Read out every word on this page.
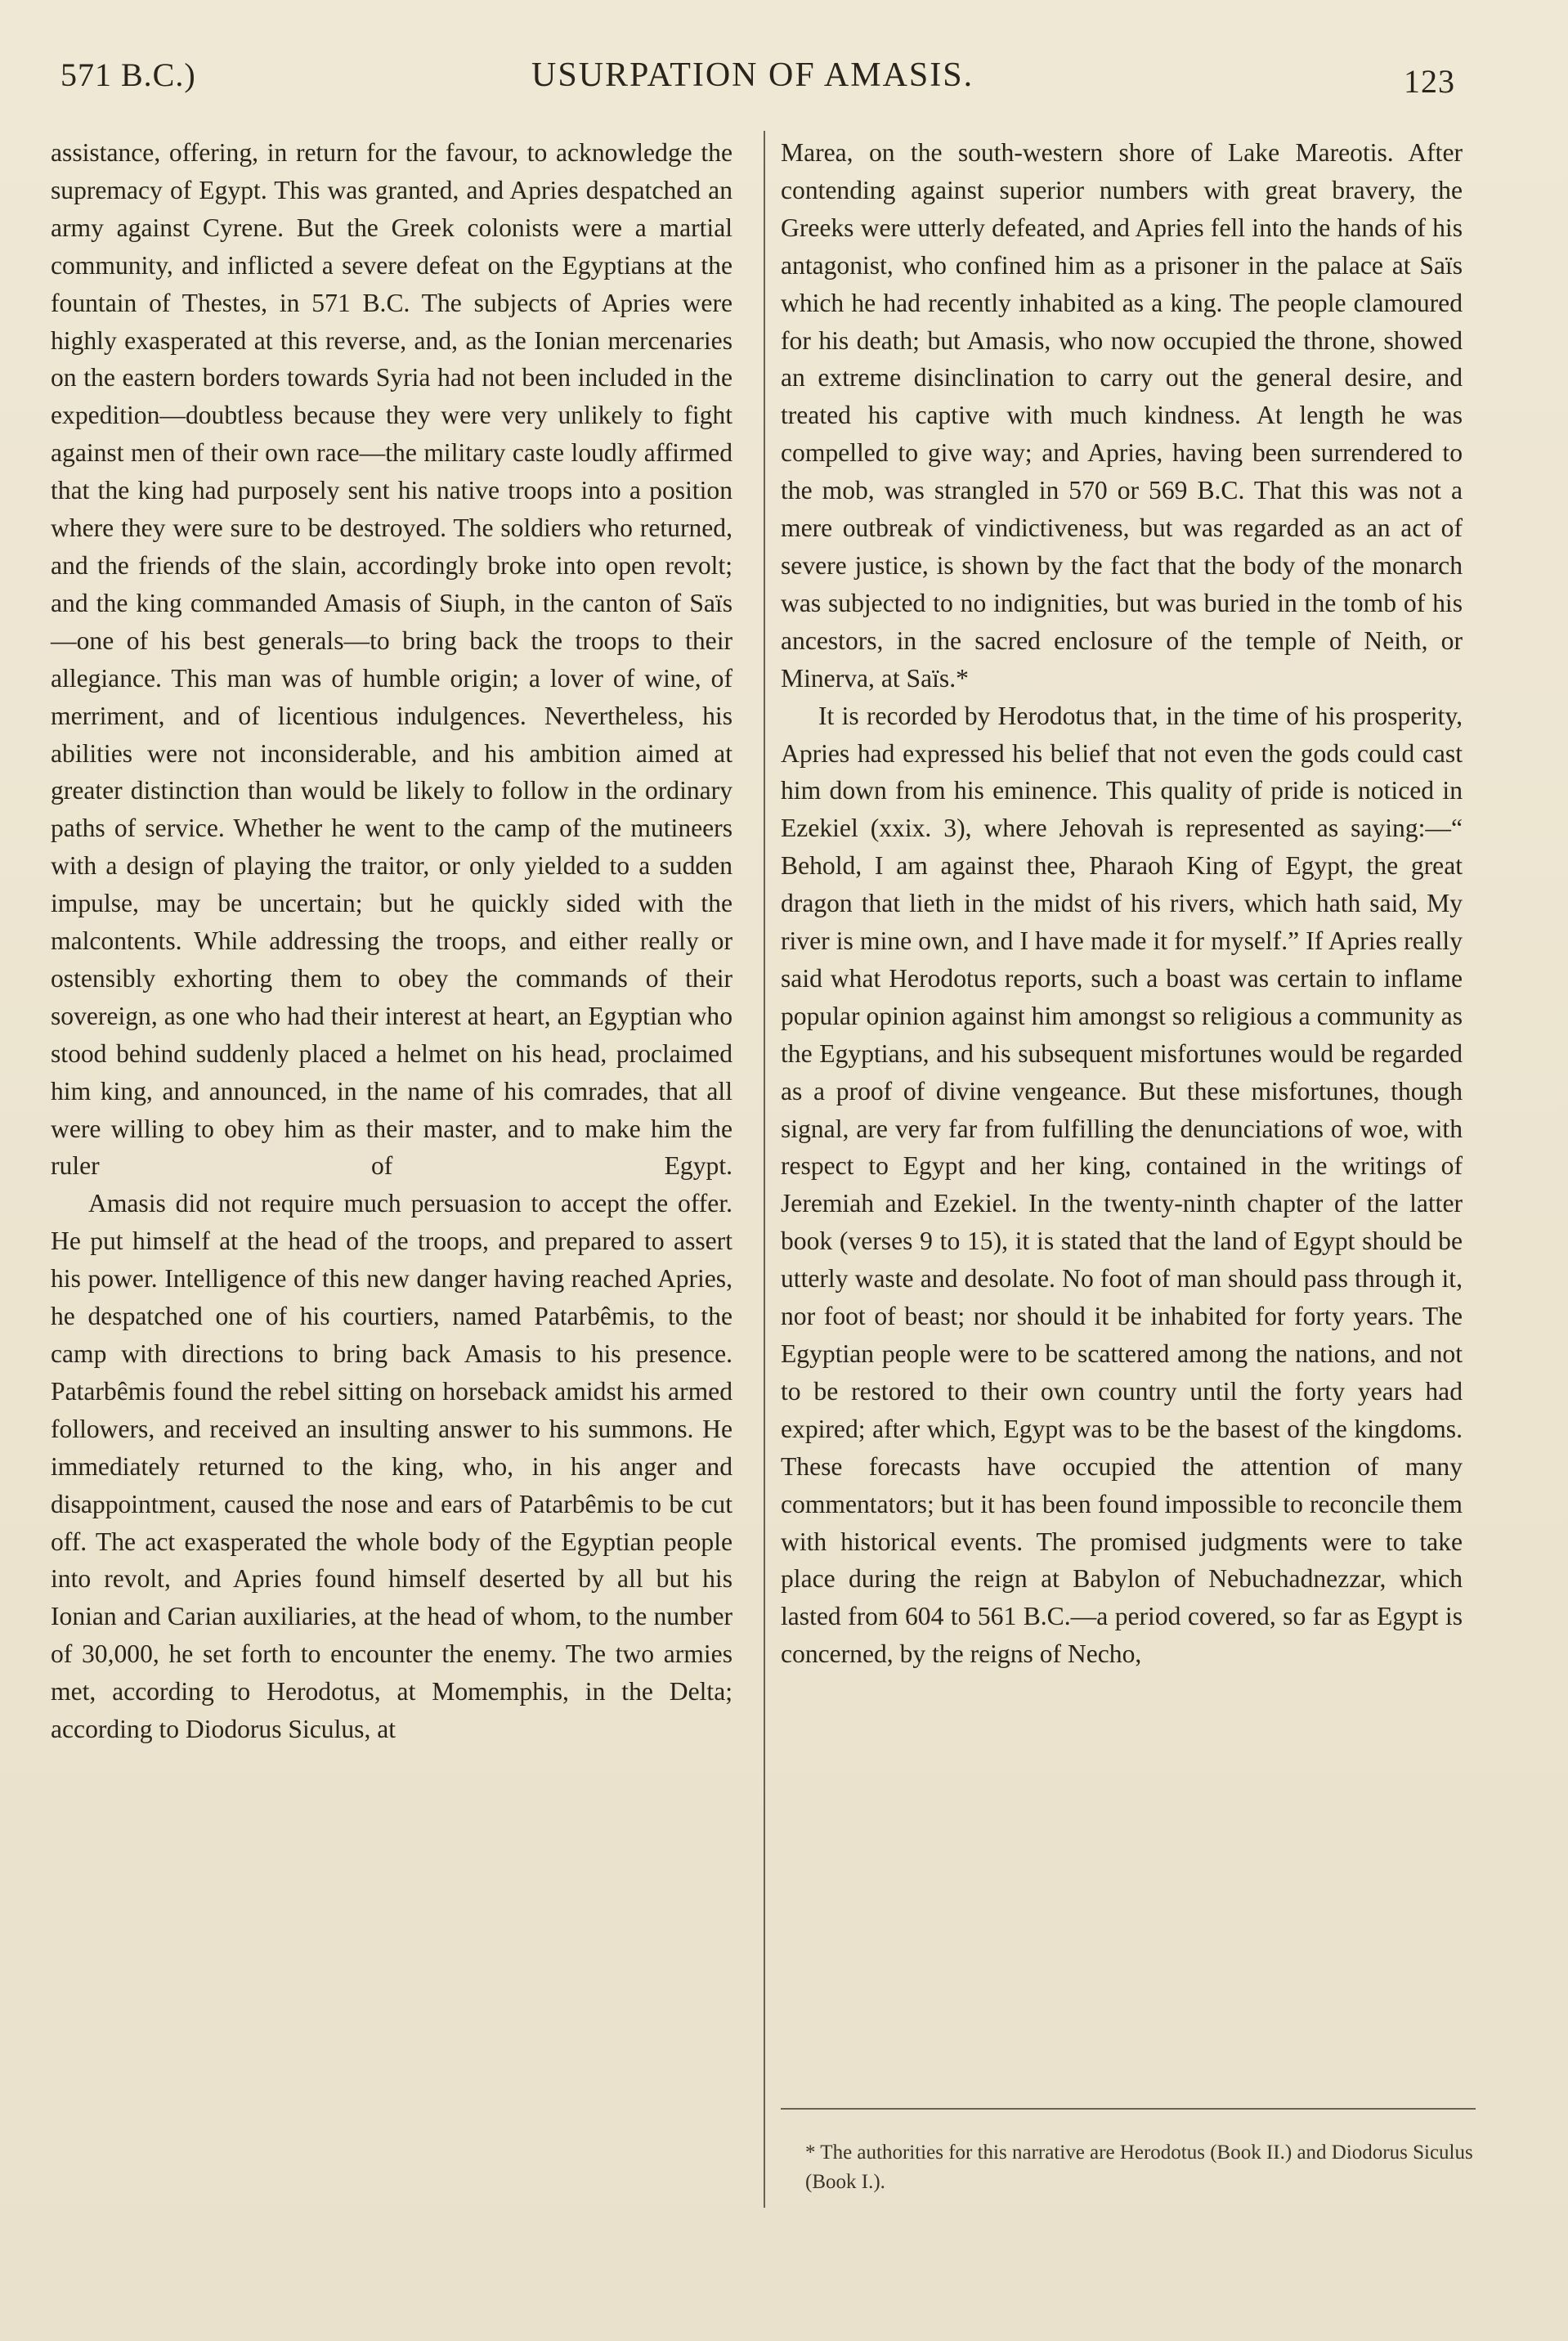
571 B.C.)	USURPATION OF AMASIS.	123

assistance, offering, in return for the favour, to acknowledge the supremacy of Egypt. This was granted, and Apries despatched an army against Cyrene. But the Greek colonists were a martial community, and inflicted a severe defeat on the Egyptians at the fountain of Thestes, in 571 B.C. The subjects of Apries were highly exasperated at this reverse, and, as the Ionian mercenaries on the eastern borders towards Syria had not been included in the expedition—doubtless because they were very unlikely to fight against men of their own race—the military caste loudly affirmed that the king had purposely sent his native troops into a position where they were sure to be destroyed. The soldiers who returned, and the friends of the slain, accordingly broke into open revolt; and the king commanded Amasis of Siuph, in the canton of Saïs—one of his best generals—to bring back the troops to their allegiance. This man was of humble origin; a lover of wine, of merriment, and of licentious indulgences. Nevertheless, his abilities were not inconsiderable, and his ambition aimed at greater distinction than would be likely to follow in the ordinary paths of service. Whether he went to the camp of the mutineers with a design of playing the traitor, or only yielded to a sudden impulse, may be uncertain; but he quickly sided with the malcontents. While addressing the troops, and either really or ostensibly exhorting them to obey the commands of their sovereign, as one who had their interest at heart, an Egyptian who stood behind suddenly placed a helmet on his head, proclaimed him king, and announced, in the name of his comrades, that all were willing to obey him as their master, and to make him the ruler of Egypt.

Amasis did not require much persuasion to accept the offer. He put himself at the head of the troops, and prepared to assert his power. Intelligence of this new danger having reached Apries, he despatched one of his courtiers, named Patarbêmis, to the camp with directions to bring back Amasis to his presence. Patarbêmis found the rebel sitting on horseback amidst his armed followers, and received an insulting answer to his summons. He immediately returned to the king, who, in his anger and disappointment, caused the nose and ears of Patarbêmis to be cut off. The act exasperated the whole body of the Egyptian people into revolt, and Apries found himself deserted by all but his Ionian and Carian auxiliaries, at the head of whom, to the number of 30,000, he set forth to encounter the enemy. The two armies met, according to Herodotus, at Momemphis, in the Delta; according to Diodorus Siculus, at

Marea, on the south-western shore of Lake Mareotis. After contending against superior numbers with great bravery, the Greeks were utterly defeated, and Apries fell into the hands of his antagonist, who confined him as a prisoner in the palace at Saïs which he had recently inhabited as a king. The people clamoured for his death; but Amasis, who now occupied the throne, showed an extreme disinclination to carry out the general desire, and treated his captive with much kindness. At length he was compelled to give way; and Apries, having been surrendered to the mob, was strangled in 570 or 569 B.C. That this was not a mere outbreak of vindictiveness, but was regarded as an act of severe justice, is shown by the fact that the body of the monarch was subjected to no indignities, but was buried in the tomb of his ancestors, in the sacred enclosure of the temple of Neith, or Minerva, at Saïs.*

It is recorded by Herodotus that, in the time of his prosperity, Apries had expressed his belief that not even the gods could cast him down from his eminence. This quality of pride is noticed in Ezekiel (xxix. 3), where Jehovah is represented as saying:—“ Behold, I am against thee, Pharaoh King of Egypt, the great dragon that lieth in the midst of his rivers, which hath said, My river is mine own, and I have made it for myself.” If Apries really said what Herodotus reports, such a boast was certain to inflame popular opinion against him amongst so religious a community as the Egyptians, and his subsequent misfortunes would be regarded as a proof of divine vengeance. But these misfortunes, though signal, are very far from fulfilling the denunciations of woe, with respect to Egypt and her king, contained in the writings of Jeremiah and Ezekiel. In the twenty-ninth chapter of the latter book (verses 9 to 15), it is stated that the land of Egypt should be utterly waste and desolate. No foot of man should pass through it, nor foot of beast; nor should it be inhabited for forty years. The Egyptian people were to be scattered among the nations, and not to be restored to their own country until the forty years had expired; after which, Egypt was to be the basest of the kingdoms. These forecasts have occupied the attention of many commentators; but it has been found impossible to reconcile them with historical events. The promised judgments were to take place during the reign at Babylon of Nebuchadnezzar, which lasted from 604 to 561 B.C.—a period covered, so far as Egypt is concerned, by the reigns of Necho,

* The authorities for this narrative are Herodotus (Book II.) and Diodorus Siculus (Book I.).
